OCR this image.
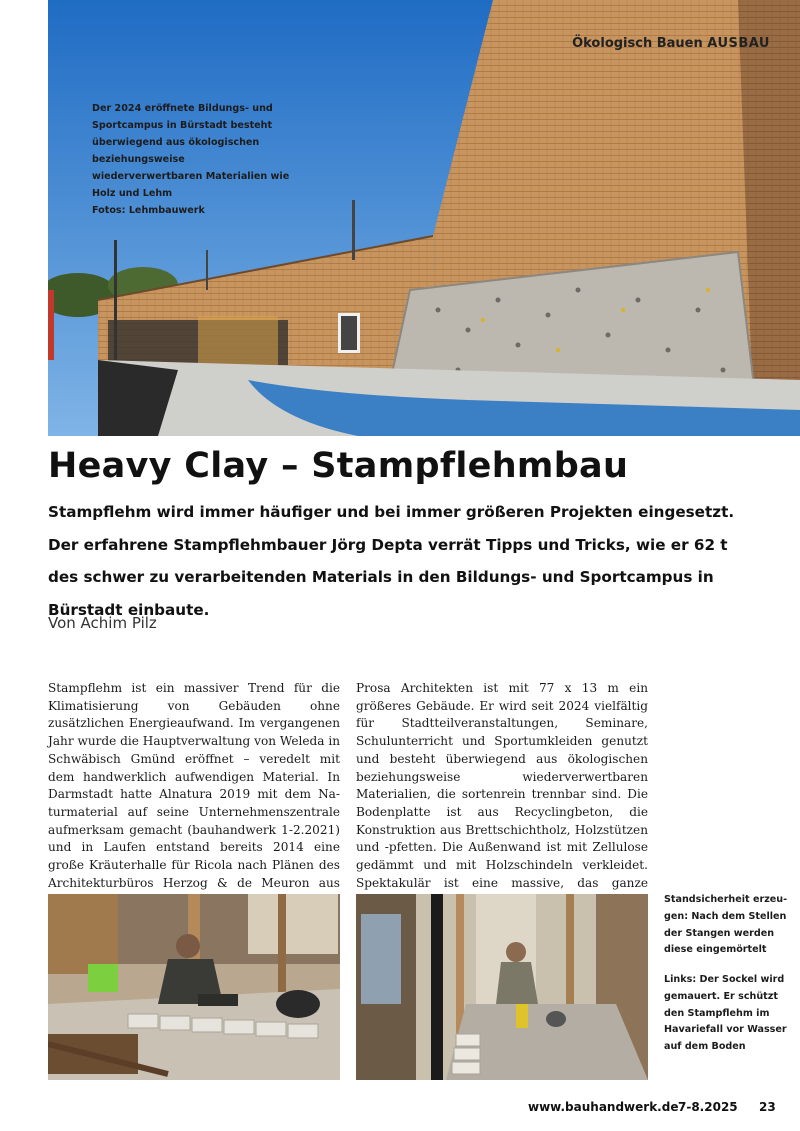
Ökologisch Bauen AUSBAU
Der 2024 eröffnete Bildungs- und Sportcampus in Bürstadt besteht überwiegend aus ökologischen beziehungsweise wiederverwertbaren Materialien wie Holz und Lehm
Fotos: Lehmbauwerk
Heavy Clay – Stampflehmbau
Stampflehm wird immer häufiger und bei immer größeren Projekten eingesetzt. Der erfahrene Stampflehmbauer Jörg Depta verrät Tipps und Tricks, wie er 62 t des schwer zu verarbeitenden Materials in den Bildungs- und Sportcampus in Bürstadt einbaute.
Von Achim Pilz
Stampflehm ist ein massiver Trend für die Klimatisierung von Gebäuden ohne zusätzlichen Energieaufwand. Im vergangenen Jahr wurde die Hauptverwaltung von Weleda in Schwäbisch Gmünd eröffnet – veredelt mit dem handwerklich aufwendigen Material. In Darmstadt hatte Alnatura 2019 mit dem Naturmaterial auf seine Unternehmenszentrale aufmerksam gemacht (bauhandwerk 1-2.2021) und in Laufen entstand bereits 2014 eine große Kräuterhalle für Ricola nach Plänen des Architekturbüros Herzog & de Meuron aus
Prosa Architekten ist mit 77 x 13 m ein größeres Gebäude. Er wird seit 2024 vielfältig für Stadtteilveranstaltungen, Seminare, Schulunterricht und Sportumkleiden genutzt und besteht überwiegend aus ökologischen beziehungsweise wiederverwertbaren Materialien, die sortenrein trennbar sind. Die Bodenplatte ist aus Recyclingbeton, die Konstruktion aus Brettschichtholz, Holzstützen und -pfetten. Die Außenwand ist mit Zellulose gedämmt und mit Holzschindeln verkleidet. Spektakulär ist eine massive, das ganze
Standsicherheit erzeugen: Nach dem Stellen der Stangen werden diese eingemörtelt
Links: Der Sockel wird gemauert. Er schützt den Stampflehm im Havariefall vor Wasser auf dem Boden
www.bauhandwerk.de 7-8.2025 23
